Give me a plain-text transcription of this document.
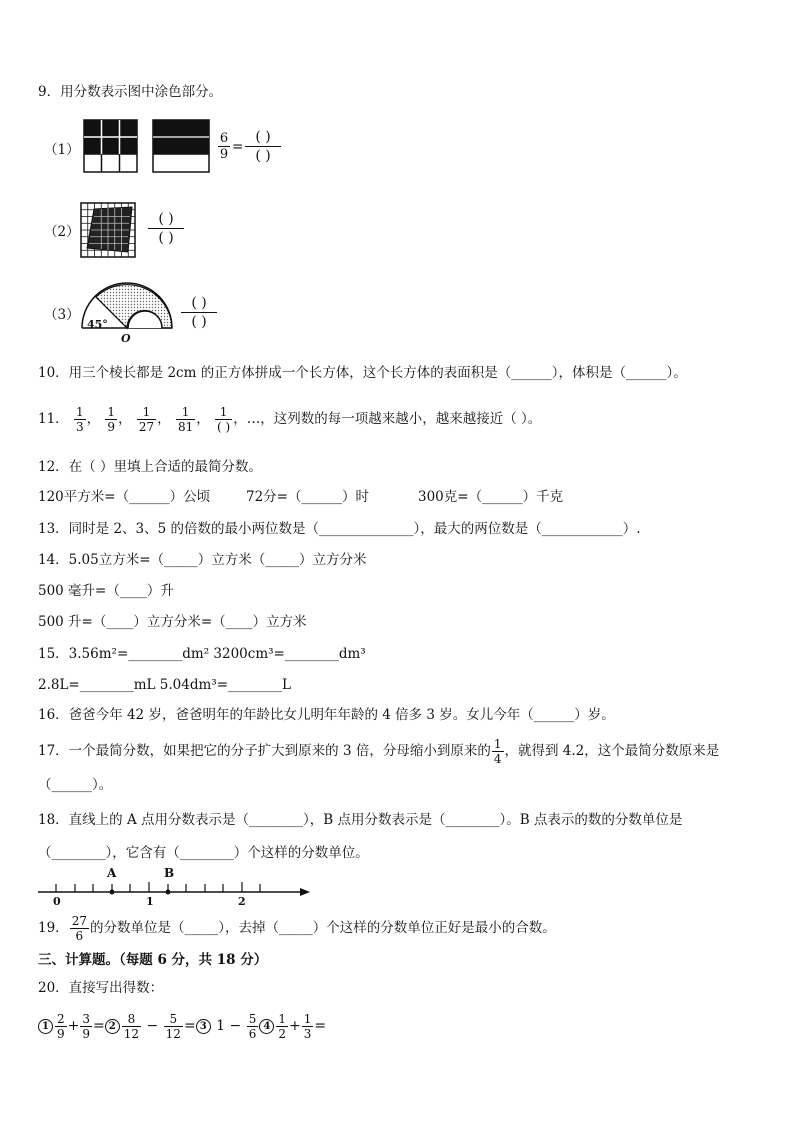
9．用分数表示图中涂色部分。
（1）	$\frac{6}{9}$ =
( )
( )
（2）
( )
( )
（3）
45°
O
( )
( )
10．用三个棱长都是 2cm 的正方体拼成一个长方体，这个长方体的表面积是（______），体积是（______）。
11． $\frac{1}{3}$ ， $\frac{1}{9}$ ， $\frac{1}{27}$ ， $\frac{1}{81}$ ， $\frac{1}{( )}$ ，…，这列数的每一项越来越小，越来越接近（ ）。
12．在（ ）里填上合适的最简分数。
120平方米=（______）公顷	72分=（______）时	300克=（______）千克
13．同时是 2、3、5 的倍数的最小两位数是（______________），最大的两位数是（____________）.
14．5.05立方米=（_____）立方米（_____）立方分米
500 毫升=（____）升
500 升=（____）立方分米=（____）立方米
15．3.56m²=________dm² 3200cm³=________dm³
2.8L=________mL 5.04dm³=________L
16．爸爸今年 42 岁，爸爸明年的年龄比女儿明年年龄的 4 倍多 3 岁。女儿今年（______）岁。
17．一个最简分数，如果把它的分子扩大到原来的 3 倍，分母缩小到原来的 $\frac{1}{4}$ ，就得到 4.2，这个最简分数原来是
（______）。
18．直线上的 A 点用分数表示是（________），B 点用分数表示是（________）。B 点表示的数的分数单位是
（________），它含有（________）个这样的分数单位。
A	B
0	1	2
19． $\frac{27}{6}$ 的分数单位是（_____），去掉（_____）个这样的分数单位正好是最小的合数。
三、计算题。（每题 6 分，共 18 分）
20．直接写出得数：
$1 \frac{2}{9} + \frac{3}{9} = 2 \frac{8}{12} - \frac{5}{12} = 3$ $1 - \frac{5}{6} 4 \frac{1}{2} + \frac{1}{3}$ =
